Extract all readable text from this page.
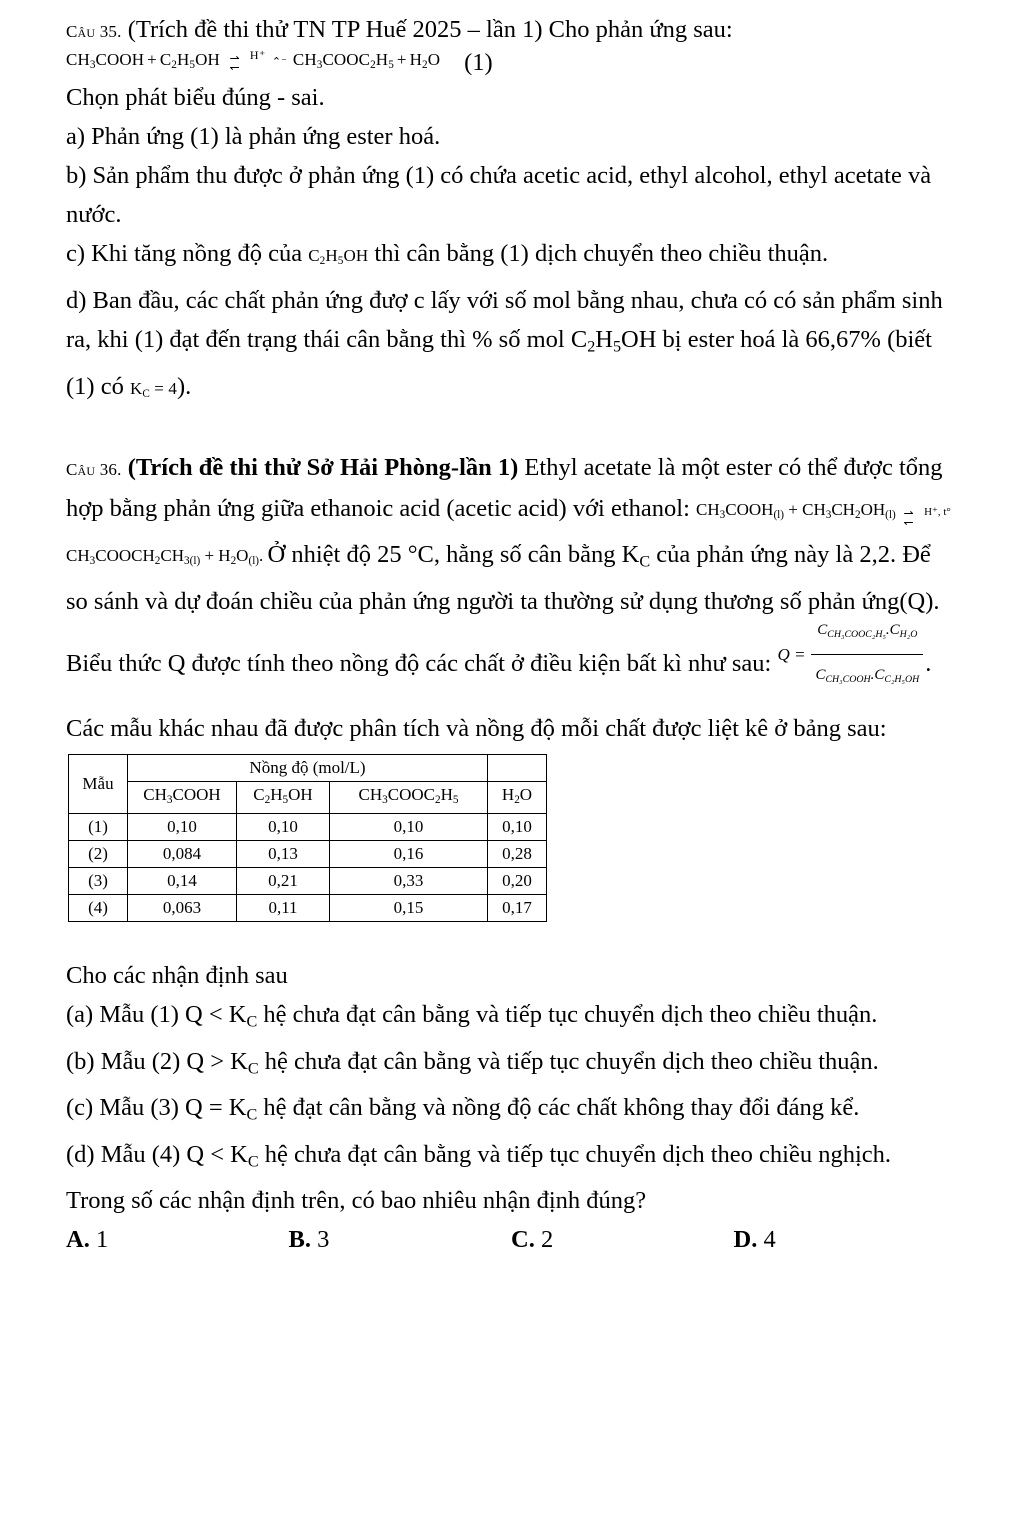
Câu 35. (Trích đề thi thử TN TP Huế 2025 – lần 1) Cho phản ứng sau:
$CH_3COOH + C_2H_5OH$ ⇀
↽
H⁺ ⌃⁻ $CH_3COOC_2H_5 + H_2O$ (1)
Chọn phát biểu đúng - sai.
a) Phản ứng (1) là phản ứng ester hoá.
b) Sản phẩm thu được ở phản ứng (1) có chứa acetic acid, ethyl alcohol, ethyl acetate và nước.
c) Khi tăng nồng độ của $C_2H_5OH$ thì cân bằng (1) dịch chuyển theo chiều thuận.
d) Ban đầu, các chất phản ứng đượ c lấy với số mol bằng nhau, chưa có có sản phẩm sinh ra, khi (1) đạt đến trạng thái cân bằng thì % số mol $C_2H_5OH$ bị ester hoá là 66,67% (biết (1) có $K_C = 4$).
Câu 36. (Trích đề thi thử Sở Hải Phòng-lần 1) Ethyl acetate là một ester có thể được tổng hợp bằng phản ứng giữa ethanoic acid (acetic acid) với ethanol: $CH_3COOH_{(l)} + CH_3CH_2OH_{(l)}$ ⇀
↽
H⁺, t° $CH_3COOCH_2CH_{3(l)} + H_2O_{(l)}$. Ở nhiệt độ 25 °C, hằng số cân bằng $K_C$ của phản ứng này là 2,2. Để so sánh và dự đoán chiều của phản ứng người ta thường sử dụng thương số phản ứng(Q). Biểu thức Q được tính theo nồng độ các chất ở điều kiện bất kì như sau: $Q = \frac{C_{CH_3COOC_2H_5}.C_{H_2O}}{C_{CH_3COOH}.C_{C_2H_5OH}}$ . Các mẫu khác nhau đã được phân tích và nồng độ mỗi chất được liệt kê ở bảng sau:
Mẫu	Nồng độ (mol/L)			
	$CH_3COOH$	$C_2H_5OH$	$CH_3COOC_2H_5$	$H_2O$
(1)	0,10	0,10	0,10	0,10
(2)	0,084	0,13	0,16	0,28
(3)	0,14	0,21	0,33	0,20
(4)	0,063	0,11	0,15	0,17
Cho các nhận định sau
(a) Mẫu (1) $Q < K_C$ hệ chưa đạt cân bằng và tiếp tục chuyển dịch theo chiều thuận.
(b) Mẫu (2) $Q > K_C$ hệ chưa đạt cân bằng và tiếp tục chuyển dịch theo chiều thuận.
(c) Mẫu (3) $Q = K_C$ hệ đạt cân bằng và nồng độ các chất không thay đổi đáng kể.
(d) Mẫu (4) $Q < K_C$ hệ chưa đạt cân bằng và tiếp tục chuyển dịch theo chiều nghịch.
Trong số các nhận định trên, có bao nhiêu nhận định đúng?
A. 1	B. 3	C. 2	D. 4
